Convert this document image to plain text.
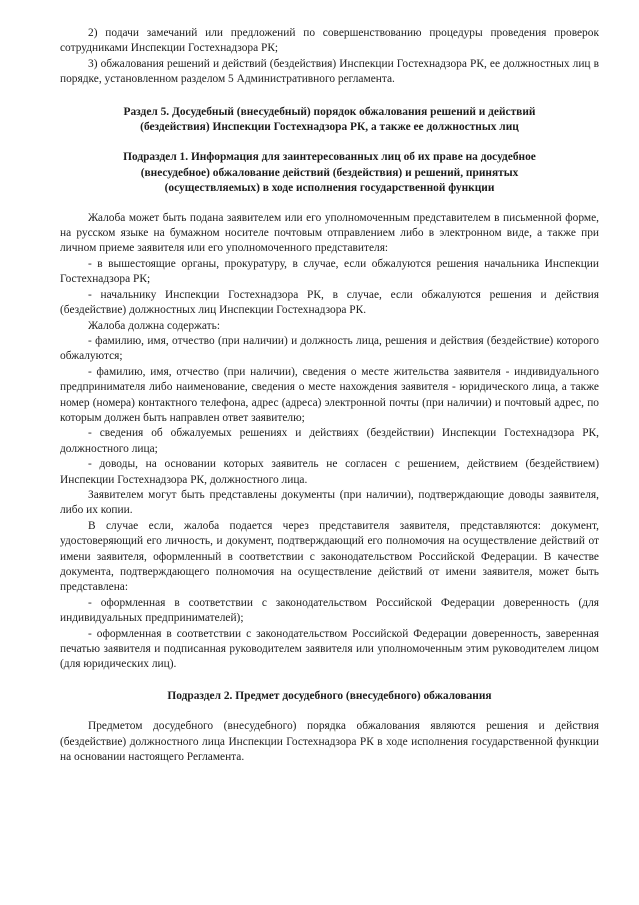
2) подачи замечаний или предложений по совершенствованию процедуры проведения проверок сотрудниками Инспекции Гостехнадзора РК;

3) обжалования решений и действий (бездействия) Инспекции Гостехнадзора РК, ее должностных лиц в порядке, установленном разделом 5 Административного регламента.

Раздел 5. Досудебный (внесудебный) порядок обжалования решений и действий (бездействия) Инспекции Гостехнадзора РК, а также ее должностных лиц

Подраздел 1. Информация для заинтересованных лиц об их праве на досудебное (внесудебное) обжалование действий (бездействия) и решений, принятых (осуществляемых) в ходе исполнения государственной функции

Жалоба может быть подана заявителем или его уполномоченным представителем в письменной форме, на русском языке на бумажном носителе почтовым отправлением либо в электронном виде, а также при личном приеме заявителя или его уполномоченного представителя:

- в вышестоящие органы, прокуратуру, в случае, если обжалуются решения начальника Инспекции Гостехнадзора РК;

- начальнику Инспекции Гостехнадзора РК, в случае, если обжалуются решения и действия (бездействие) должностных лиц Инспекции Гостехнадзора РК.

Жалоба должна содержать:

- фамилию, имя, отчество (при наличии) и должность лица, решения и действия (бездействие) которого обжалуются;

- фамилию, имя, отчество (при наличии), сведения о месте жительства заявителя - индивидуального предпринимателя либо наименование, сведения о месте нахождения заявителя - юридического лица, а также номер (номера) контактного телефона, адрес (адреса) электронной почты (при наличии) и почтовый адрес, по которым должен быть направлен ответ заявителю;

- сведения об обжалуемых решениях и действиях (бездействии) Инспекции Гостехнадзора РК, должностного лица;

- доводы, на основании которых заявитель не согласен с решением, действием (бездействием) Инспекции Гостехнадзора РК, должностного лица.

Заявителем могут быть представлены документы (при наличии), подтверждающие доводы заявителя, либо их копии.

В случае если, жалоба подается через представителя заявителя, представляются: документ, удостоверяющий его личность, и документ, подтверждающий его полномочия на осуществление действий от имени заявителя, оформленный в соответствии с законодательством Российской Федерации. В качестве документа, подтверждающего полномочия на осуществление действий от имени заявителя, может быть представлена:

- оформленная в соответствии с законодательством Российской Федерации доверенность (для индивидуальных предпринимателей);

- оформленная в соответствии с законодательством Российской Федерации доверенность, заверенная печатью заявителя и подписанная руководителем заявителя или уполномоченным этим руководителем лицом (для юридических лиц).

Подраздел 2. Предмет досудебного (внесудебного) обжалования

Предметом досудебного (внесудебного) порядка обжалования являются решения и действия (бездействие) должностного лица Инспекции Гостехнадзора РК в ходе исполнения государственной функции на основании настоящего Регламента.
